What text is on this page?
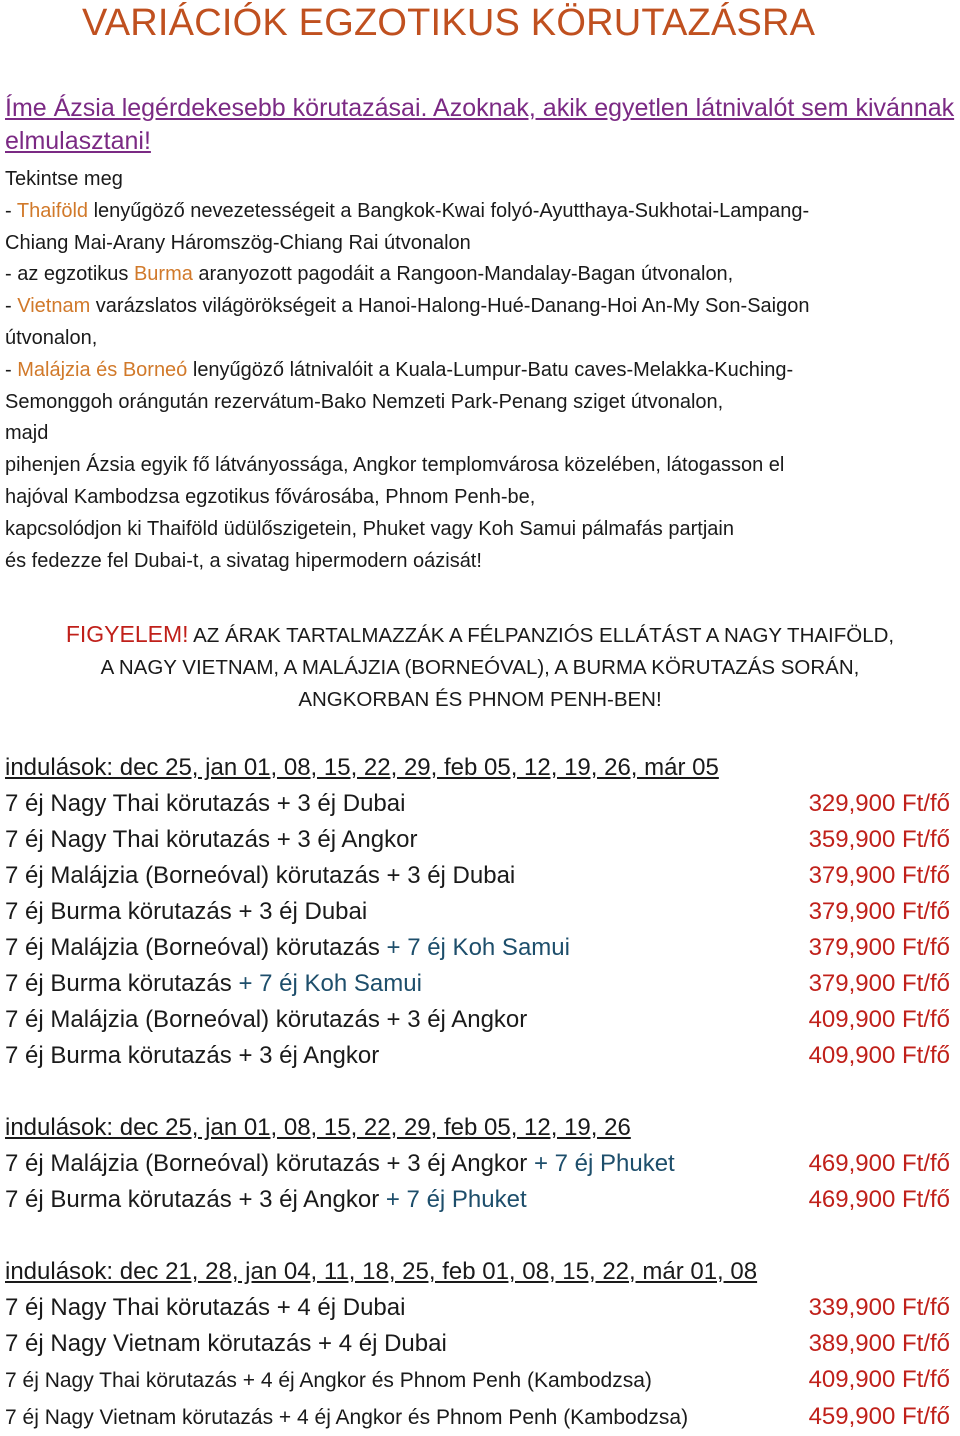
VARIÁCIÓK EGZOTIKUS KÖRUTAZÁSRA
Íme Ázsia legérdekesebb körutazásai. Azoknak, akik egyetlen látnivalót sem kivánnak elmulasztani!
Tekintse meg
- Thaiföld lenyűgöző nevezetességeit a Bangkok-Kwai folyó-Ayutthaya-Sukhotai-Lampang-
Chiang Mai-Arany Háromszög-Chiang Rai útvonalon
- az egzotikus Burma aranyozott pagodáit a Rangoon-Mandalay-Bagan útvonalon,
- Vietnam varázslatos világörökségeit a Hanoi-Halong-Hué-Danang-Hoi An-My Son-Saigon
útvonalon,
- Malájzia és Borneó lenyűgöző látnivalóit a Kuala-Lumpur-Batu caves-Melakka-Kuching-
Semonggoh orángután rezervátum-Bako Nemzeti Park-Penang sziget útvonalon,
majd
pihenjen Ázsia egyik fő látványossága, Angkor templomvárosa közelében, látogasson el
hajóval Kambodzsa egzotikus fővárosába, Phnom Penh-be,
kapcsolódjon ki Thaiföld üdülőszigetein, Phuket vagy Koh Samui pálmafás partjain
és fedezze fel Dubai-t, a sivatag hipermodern oázisát!
FIGYELEM! AZ ÁRAK TARTALMAZZÁK A FÉLPANZIÓS ELLÁTÁST A NAGY THAIFÖLD,
A NAGY VIETNAM, A MALÁJZIA (BORNEÓVAL), A BURMA KÖRUTAZÁS SORÁN,
ANGKORBAN ÉS PHNOM PENH-BEN!
indulások: dec 25, jan 01, 08, 15, 22, 29, feb 05, 12, 19, 26, már 05
7 éj Nagy Thai körutazás + 3 éj Dubai	329,900 Ft/fő
7 éj Nagy Thai körutazás + 3 éj Angkor	359,900 Ft/fő
7 éj Malájzia (Borneóval) körutazás + 3 éj Dubai	379,900 Ft/fő
7 éj Burma körutazás + 3 éj Dubai	379,900 Ft/fő
7 éj Malájzia (Borneóval) körutazás + 7 éj Koh Samui	379,900 Ft/fő
7 éj Burma körutazás + 7 éj Koh Samui	379,900 Ft/fő
7 éj Malájzia (Borneóval) körutazás + 3 éj Angkor	409,900 Ft/fő
7 éj Burma körutazás + 3 éj Angkor	409,900 Ft/fő
indulások: dec 25, jan 01, 08, 15, 22, 29, feb 05, 12, 19, 26
7 éj Malájzia (Borneóval) körutazás + 3 éj Angkor + 7 éj Phuket	469,900 Ft/fő
7 éj Burma körutazás + 3 éj Angkor + 7 éj Phuket	469,900 Ft/fő
indulások: dec 21, 28, jan 04, 11, 18, 25, feb 01, 08, 15, 22, már 01, 08
7 éj Nagy Thai körutazás + 4 éj Dubai	339,900 Ft/fő
7 éj Nagy Vietnam körutazás + 4 éj Dubai	389,900 Ft/fő
7 éj Nagy Thai körutazás + 4 éj Angkor és Phnom Penh (Kambodzsa)	409,900 Ft/fő
7 éj Nagy Vietnam körutazás + 4 éj Angkor és Phnom Penh (Kambodzsa)	459,900 Ft/fő
